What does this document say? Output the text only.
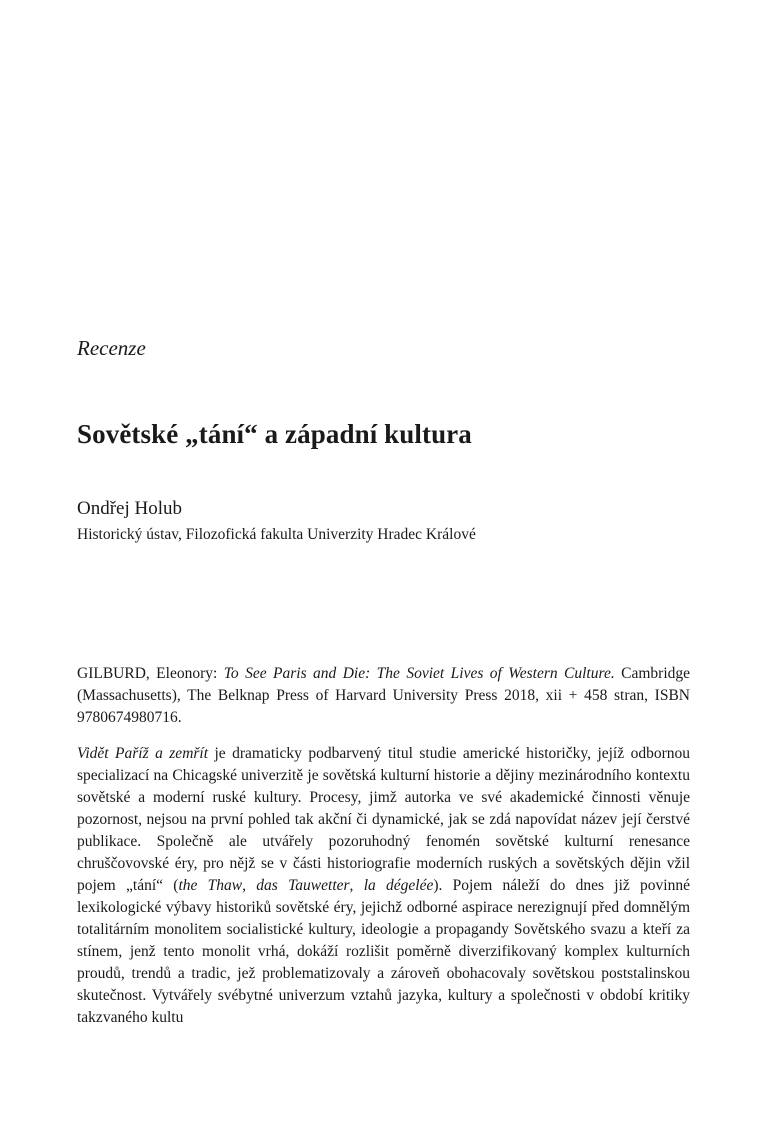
Recenze
Sovětské „tání“ a západní kultura

Ondřej Holub

Historický ústav, Filozofická fakulta Univerzity Hradec Králové

GILBURD, Eleonory: To See Paris and Die: The Soviet Lives of Western Culture. Cambridge (Massachusetts), The Belknap Press of Harvard University Press 2018, xii + 458 stran, ISBN 9780674980716.

Vidět Paříž a zemřít je dramaticky podbarvený titul studie americké historičky, jejíž odbornou specializací na Chicagské univerzitě je sovětská kulturní historie a dějiny mezinárodního kontextu sovětské a moderní ruské kultury. Procesy, jimž autorka ve své akademické činnosti věnuje pozornost, nejsou na první pohled tak akční či dynamické, jak se zdá napovídat název její čerstvé publikace. Společně ale utvářely pozoruhodný fenomén sovětské kulturní renesance chruščovovské éry, pro nějž se v části historiografie moderních ruských a sovětských dějin vžil pojem „tání“ (the Thaw, das Tauwetter, la dégelée). Pojem náleží do dnes již povinné lexikologické výbavy historiků sovětské éry, jejichž odborné aspirace nerezignují před domnělým totalitárním monolitem socialistické kultury, ideologie a propagandy Sovětského svazu a kteří za stínem, jenž tento monolit vrhá, dokáží rozlišit poměrně diverzifikovaný komplex kulturních proudů, trendů a tradic, jež problematizovaly a zároveň obohacovaly sovětskou poststalinskou skutečnost. Vytvářely svébytné univerzum vztahů jazyka, kultury a společnosti v období kritiky takzvaného kultu
